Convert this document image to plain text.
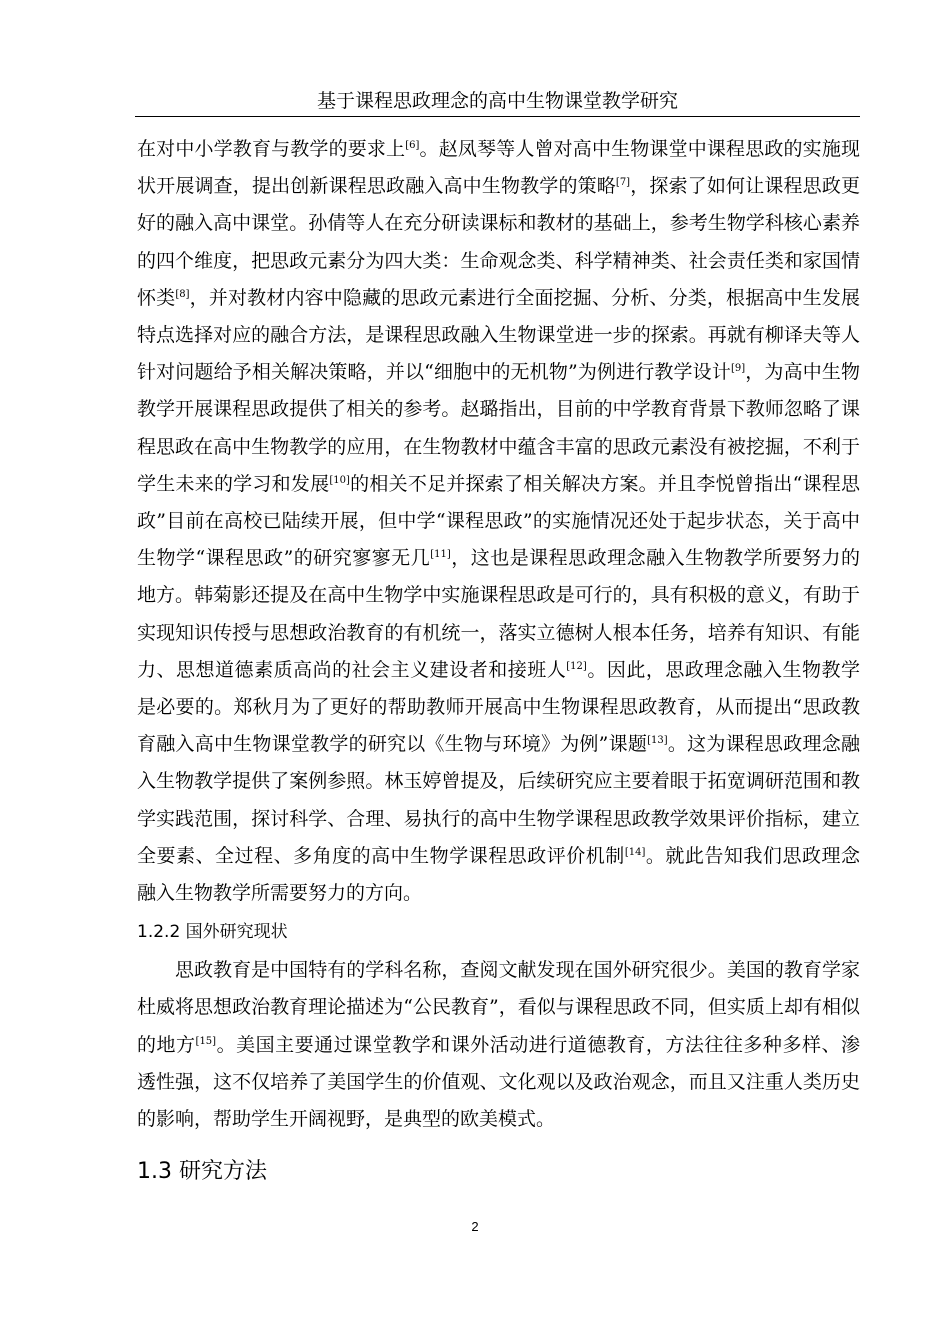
基于课程思政理念的高中生物课堂教学研究

在对中小学教育与教学的要求上[6]。赵凤琴等人曾对高中生物课堂中课程思政的实施现状开展调查，提出创新课程思政融入高中生物教学的策略[7]，探索了如何让课程思政更好的融入高中课堂。孙倩等人在充分研读课标和教材的基础上，参考生物学科核心素养的四个维度，把思政元素分为四大类：生命观念类、科学精神类、社会责任类和家国情怀类[8]，并对教材内容中隐藏的思政元素进行全面挖掘、分析、分类，根据高中生发展特点选择对应的融合方法，是课程思政融入生物课堂进一步的探索。再就有柳译夫等人针对问题给予相关解决策略，并以“细胞中的无机物”为例进行教学设计[9]，为高中生物教学开展课程思政提供了相关的参考。赵璐指出，目前的中学教育背景下教师忽略了课程思政在高中生物教学的应用，在生物教材中蕴含丰富的思政元素没有被挖掘，不利于学生未来的学习和发展[10]的相关不足并探索了相关解决方案。并且李悦曾指出“课程思政”目前在高校已陆续开展，但中学“课程思政”的实施情况还处于起步状态，关于高中生物学“课程思政”的研究寥寥无几[11]，这也是课程思政理念融入生物教学所要努力的地方。韩菊影还提及在高中生物学中实施课程思政是可行的，具有积极的意义，有助于实现知识传授与思想政治教育的有机统一，落实立德树人根本任务，培养有知识、有能力、思想道德素质高尚的社会主义建设者和接班人[12]。因此，思政理念融入生物教学是必要的。郑秋月为了更好的帮助教师开展高中生物课程思政教育，从而提出“思政教育融入高中生物课堂教学的研究以《生物与环境》为例”课题[13]。这为课程思政理念融入生物教学提供了案例参照。林玉婷曾提及，后续研究应主要着眼于拓宽调研范围和教学实践范围，探讨科学、合理、易执行的高中生物学课程思政教学效果评价指标，建立全要素、全过程、多角度的高中生物学课程思政评价机制[14]。就此告知我们思政理念融入生物教学所需要努力的方向。

1.2.2 国外研究现状

思政教育是中国特有的学科名称，查阅文献发现在国外研究很少。美国的教育学家杜威将思想政治教育理论描述为“公民教育”，看似与课程思政不同，但实质上却有相似的地方[15]。美国主要通过课堂教学和课外活动进行道德教育，方法往往多种多样、渗透性强，这不仅培养了美国学生的价值观、文化观以及政治观念，而且又注重人类历史的影响，帮助学生开阔视野，是典型的欧美模式。

1.3 研究方法
2
